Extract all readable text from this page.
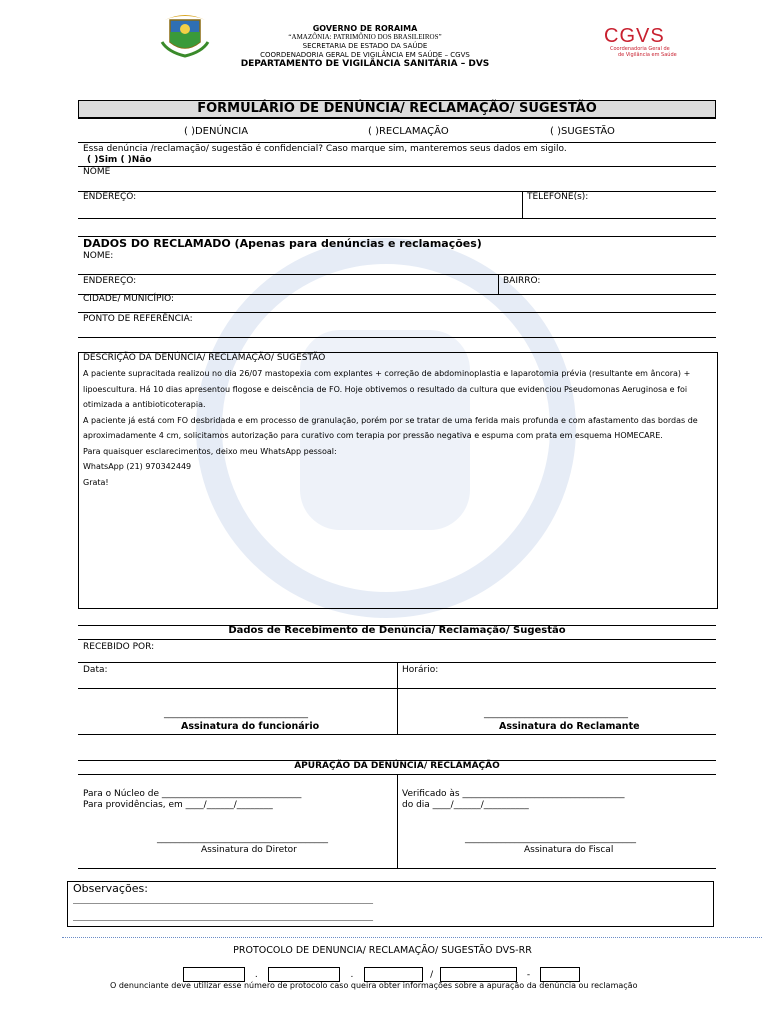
GOVERNO DE RORAIMA
“AMAZÔNIA: PATRIMÔNIO DOS BRASILEIROS”
SECRETARIA DE ESTADO DA SAÚDE
COORDENADORIA GERAL DE VIGILÂNCIA EM SAÚDE – CGVS
DEPARTAMENTO DE VIGILÂNCIA SANITÁRIA – DVS
CGVS
Coordenadoria Geral de
de Vigilância em Saúde
FORMULÁRIO DE DENÚNCIA/ RECLAMAÇÃO/ SUGESTÃO
( )DENÚNCIA	( )RECLAMAÇÃO	( )SUGESTÃO
Essa denúncia /reclamação/ sugestão é confidencial? Caso marque sim, manteremos seus dados em sigilo.
( )Sim ( )Não
NOME
ENDEREÇO:	TELEFONE(s):
DADOS DO RECLAMADO (Apenas para denúncias e reclamações)
NOME:
ENDEREÇO:	BAIRRO:
CIDADE/ MUNICÍPIO:
PONTO DE REFERÊNCIA:
DESCRIÇÃO DA DENÚNCIA/ RECLAMAÇÃO/ SUGESTÃO

A paciente supracitada realizou no dia 26/07 mastopexia com explantes + correção de abdominoplastia e laparotomia prévia (resultante em âncora) + lipoescultura. Há 10 dias apresentou flogose e deiscência de FO. Hoje obtivemos o resultado da cultura que evidenciou Pseudomonas Aeruginosa e foi otimizada a antibioticoterapia.

A paciente já está com FO desbridada e em processo de granulação, porém por se tratar de uma ferida mais profunda e com afastamento das bordas de aproximadamente 4 cm, solicitamos autorização para curativo com terapia por pressão negativa e espuma com prata em esquema HOMECARE.

Para quaisquer esclarecimentos, deixo meu WhatsApp pessoal:

WhatsApp (21) 970342449

Grata!

Dados de Recebimento de Denúncia/ Reclamação/ Sugestão
RECEBIDO POR:
Data:	Horário:
________________________________
Assinatura do funcionário
________________________________
Assinatura do Reclamante
APURAÇÃO DA DENÚNCIA/ RECLAMAÇÃO
Para o Núcleo de _______________________________
Para providências, em ____/______/________
Verificado às ____________________________________
do dia ____/______/__________
______________________________________
Assinatura do Diretor
______________________________________
Assinatura do Fiscal
Observações:
____________________________________________________________________________________________________
____________________________________________________________________________________________________
PROTOCOLO DE DENUNCIA/ RECLAMAÇÃO/ SUGESTÃO DVS-RR
.	.	/	-
O denunciante deve utilizar esse número de protocolo caso queira obter informações sobre a apuração da denúncia ou reclamação
